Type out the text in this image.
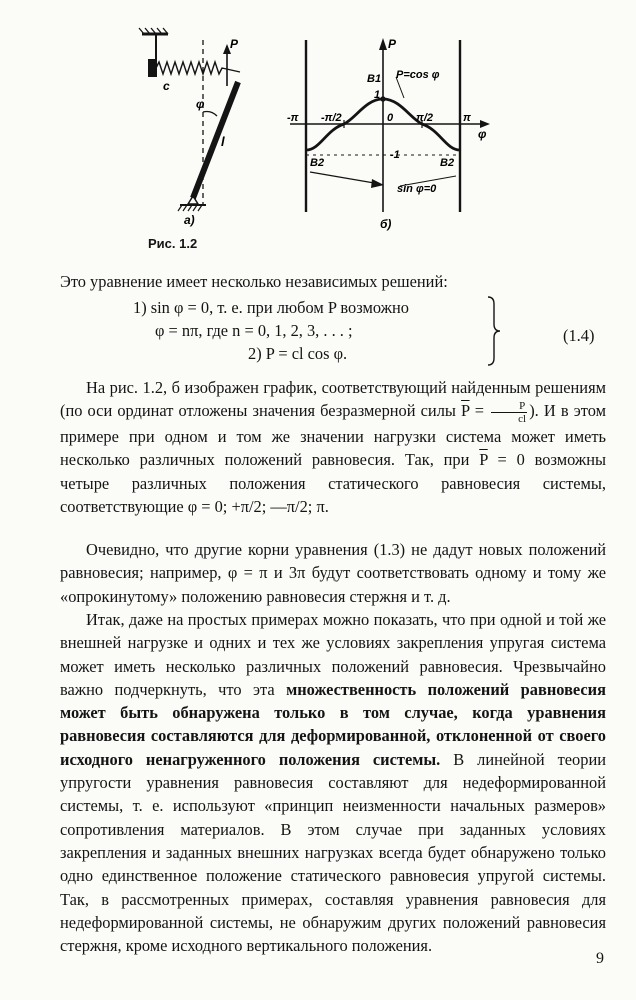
P
c
φ
l
а)
P
B1 P=cos φ
1
-π -π/2	0 π/2	π
φ
B2	B2
-1
sin φ=0
б)
Рис. 1.2
Это уравнение имеет несколько независимых решений:
1) sin φ = 0, т. е. при любом P возможно
φ = nπ, где n = 0, 1, 2, 3, . . . ;
2) P = cl cos φ.
(1.4)
На рис. 1.2, б изображен график, соответствующий найденным решениям (по оси ординат отложены значения безразмерной силы $\overline{P} = \frac{P}{cl}$ ). И в этом примере при одном и том же значении нагрузки система может иметь несколько различных положений равновесия. Так, при $\overline{P} = 0$ возможны четыре различных положения статического равновесия системы, соответствующие φ = 0; +π/2; —π/2; π.
Очевидно, что другие корни уравнения (1.3) не дадут новых положений равновесия; например, φ = π и 3π будут соответствовать одному и тому же «опрокинутому» положению равновесия стержня и т. д.
Итак, даже на простых примерах можно показать, что при одной и той же внешней нагрузке и одних и тех же условиях закрепления упругая система может иметь несколько различных положений равновесия. Чрезвычайно важно подчеркнуть, что эта множественность положений равновесия может быть обнаружена только в том случае, когда уравнения равновесия составляются для деформированной, отклоненной от своего исходного ненагруженного положения системы. В линейной теории упругости уравнения равновесия составляют для недеформированной системы, т. е. используют «принцип неизменности начальных размеров» сопротивления материалов. В этом случае при заданных условиях закрепления и заданных внешних нагрузках всегда будет обнаружено только одно единственное положение статического равновесия упругой системы. Так, в рассмотренных примерах, составляя уравнения равновесия для недеформированной системы, не обнаружим других положений равновесия стержня, кроме исходного вертикального положения.
9
